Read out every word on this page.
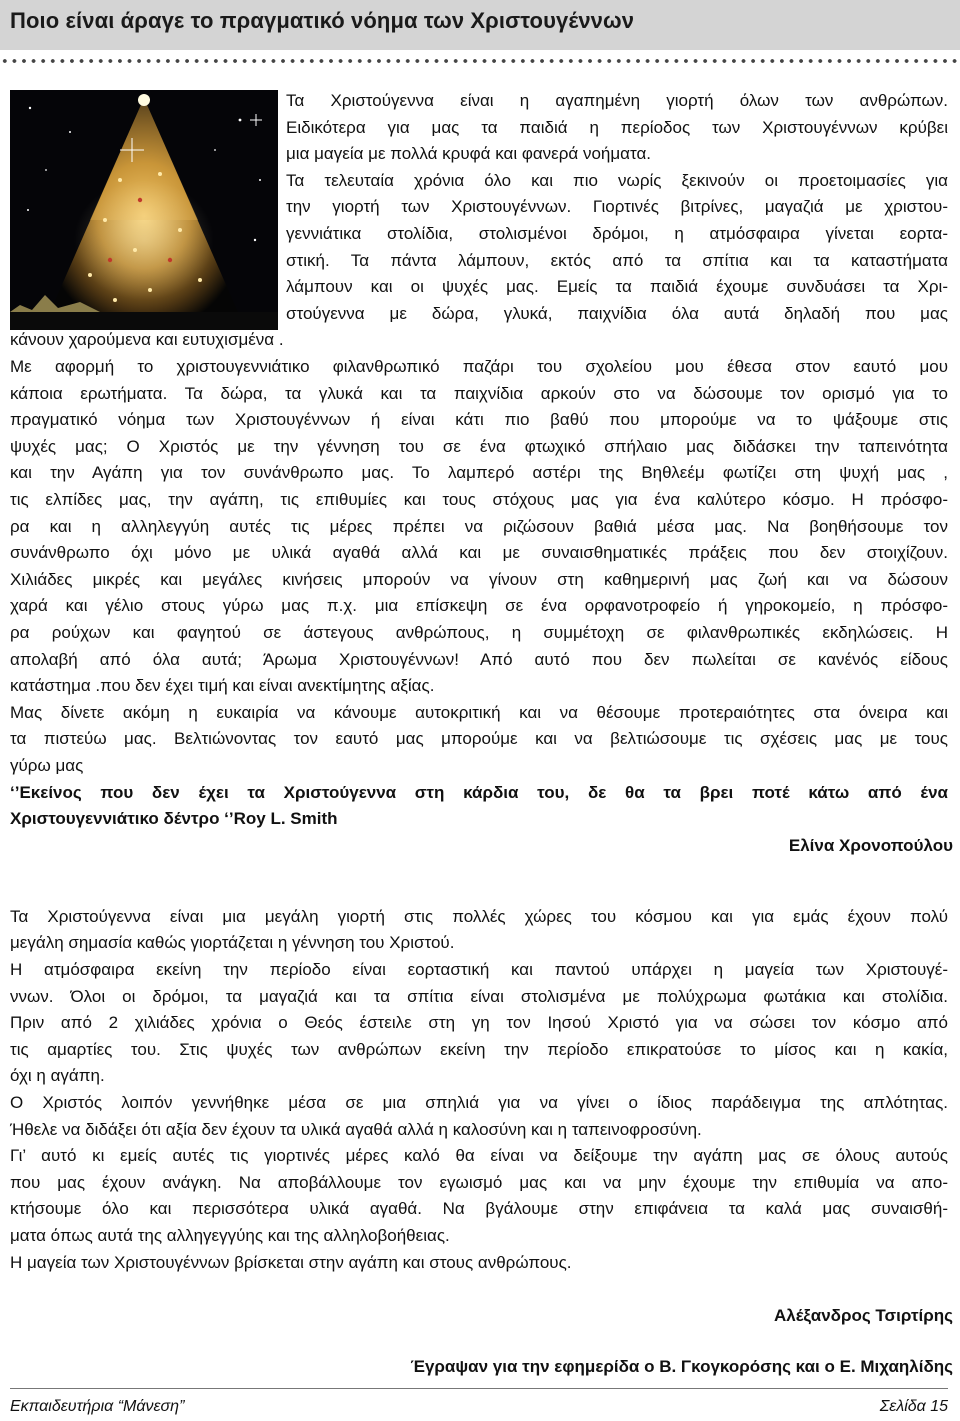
Ποιο είναι άραγε το πραγματικό νόημα των Χριστουγέννων
Τα Χριστούγεννα είναι η αγαπημένη γιορτή όλων των ανθρώπων.
Ειδικότερα για μας τα παιδιά η περίοδος των Χριστουγέννων κρύβει
μια μαγεία με πολλά κρυφά και φανερά νοήματα.
Τα τελευταία χρόνια όλο και πιο νωρίς ξεκινούν οι προετοιμασίες για
την γιορτή των Χριστουγέννων. Γιορτινές βιτρίνες, μαγαζιά με χριστου-
γεννιάτικα στολίδια, στολισμένοι δρόμοι, η ατμόσφαιρα γίνεται εορτα-
στική. Τα πάντα λάμπουν, εκτός από τα σπίτια και τα καταστήματα
λάμπουν και οι ψυχές μας. Εμείς τα παιδιά έχουμε συνδυάσει τα Χρι-
στούγεννα με δώρα, γλυκά, παιχνίδια όλα αυτά δηλαδή που μας
κάνουν χαρούμενα και ευτυχισμένα .
Με αφορμή το χριστουγεννιάτικο φιλανθρωπικό παζάρι του σχολείου μου έθεσα στον εαυτό μου
κάποια ερωτήματα. Τα δώρα, τα γλυκά και τα παιχνίδια αρκούν στο να δώσουμε τον ορισμό για το
πραγματικό νόημα των Χριστουγέννων ή είναι κάτι πιο βαθύ που μπορούμε να το ψάξουμε στις
ψυχές μας; Ο Χριστός με την γέννηση του σε ένα φτωχικό σπήλαιο μας διδάσκει την ταπεινότητα
και την Αγάπη για τον συνάνθρωπο μας. Το λαμπερό αστέρι της Βηθλεέμ φωτίζει στη ψυχή μας ,
τις ελπίδες μας, την αγάπη, τις επιθυμίες και τους στόχους μας για ένα καλύτερο κόσμο. Η πρόσφο-
ρα και η αλληλεγγύη αυτές τις μέρες πρέπει να ριζώσουν βαθιά μέσα μας. Να βοηθήσουμε τον
συνάνθρωπο όχι μόνο με υλικά αγαθά αλλά και με συναισθηματικές πράξεις που δεν στοιχίζουν.
Χιλιάδες μικρές και μεγάλες κινήσεις μπορούν να γίνουν στη καθημερινή μας ζωή και να δώσουν
χαρά και γέλιο στους γύρω μας π.χ. μια επίσκεψη σε ένα ορφανοτροφείο ή γηροκομείο, η πρόσφο-
ρα ρούχων και φαγητού σε άστεγους ανθρώπους, η συμμέτοχη σε φιλανθρωπικές εκδηλώσεις. Η
απολαβή από όλα αυτά; Άρωμα Χριστουγέννων! Από αυτό που δεν πωλείται σε κανένός είδους
κατάστημα .που δεν έχει τιμή και είναι ανεκτίμητης αξίας.
Μας δίνετε ακόμη η ευκαιρία να κάνουμε αυτοκριτική και να θέσουμε προτεραιότητες στα όνειρα και
τα πιστεύω μας. Βελτιώνοντας τον εαυτό μας μπορούμε και να βελτιώσουμε τις σχέσεις μας με τους
γύρω μας
‘’Εκείνος που δεν έχει τα Χριστούγεννα στη κάρδια του, δε θα τα βρει ποτέ κάτω από ένα
Χριστουγεννιάτικο δέντρο ‘’Roy L. Smith
Ελίνα Χρονοπούλου
Τα Χριστούγεννα είναι μια μεγάλη γιορτή στις πολλές χώρες του κόσμου και για εμάς έχουν πολύ
μεγάλη σημασία καθώς γιορτάζεται η γέννηση του Χριστού.
Η ατμόσφαιρα εκείνη την περίοδο είναι εορταστική και παντού υπάρχει η μαγεία των Χριστουγέ-
ννων. Όλοι οι δρόμοι, τα μαγαζιά και τα σπίτια είναι στολισμένα με πολύχρωμα φωτάκια και στολίδια.
Πριν από 2 χιλιάδες χρόνια ο Θεός έστειλε στη γη τον Ιησού Χριστό για να σώσει τον κόσμο από
τις αμαρτίες του. Στις ψυχές των ανθρώπων εκείνη την περίοδο επικρατούσε το μίσος και η κακία,
όχι η αγάπη.
Ο Χριστός λοιπόν γεννήθηκε μέσα σε μια σπηλιά για να γίνει ο ίδιος παράδειγμα της απλότητας.
Ήθελε να διδάξει ότι αξία δεν έχουν τα υλικά αγαθά αλλά η καλοσύνη και η ταπεινοφροσύνη.
Γι’ αυτό κι εμείς αυτές τις γιορτινές μέρες καλό θα είναι να δείξουμε την αγάπη μας σε όλους αυτούς
που μας έχουν ανάγκη. Να αποβάλλουμε τον εγωισμό μας και να μην έχουμε την επιθυμία να απο-
κτήσουμε όλο και περισσότερα υλικά αγαθά. Να βγάλουμε στην επιφάνεια τα καλά μας συναισθή-
ματα όπως αυτά της αλληγεγγύης και της αλληλοβοήθειας.
Η μαγεία των Χριστουγέννων βρίσκεται στην αγάπη και στους ανθρώπους.
Αλέξανδρος Τσιρτίρης
Έγραψαν για την εφημερίδα ο Β. Γκογκορόσης και ο Ε. Μιχαηλίδης
Εκπαιδευτήρια “Μάνεση”	Σελίδα 15
